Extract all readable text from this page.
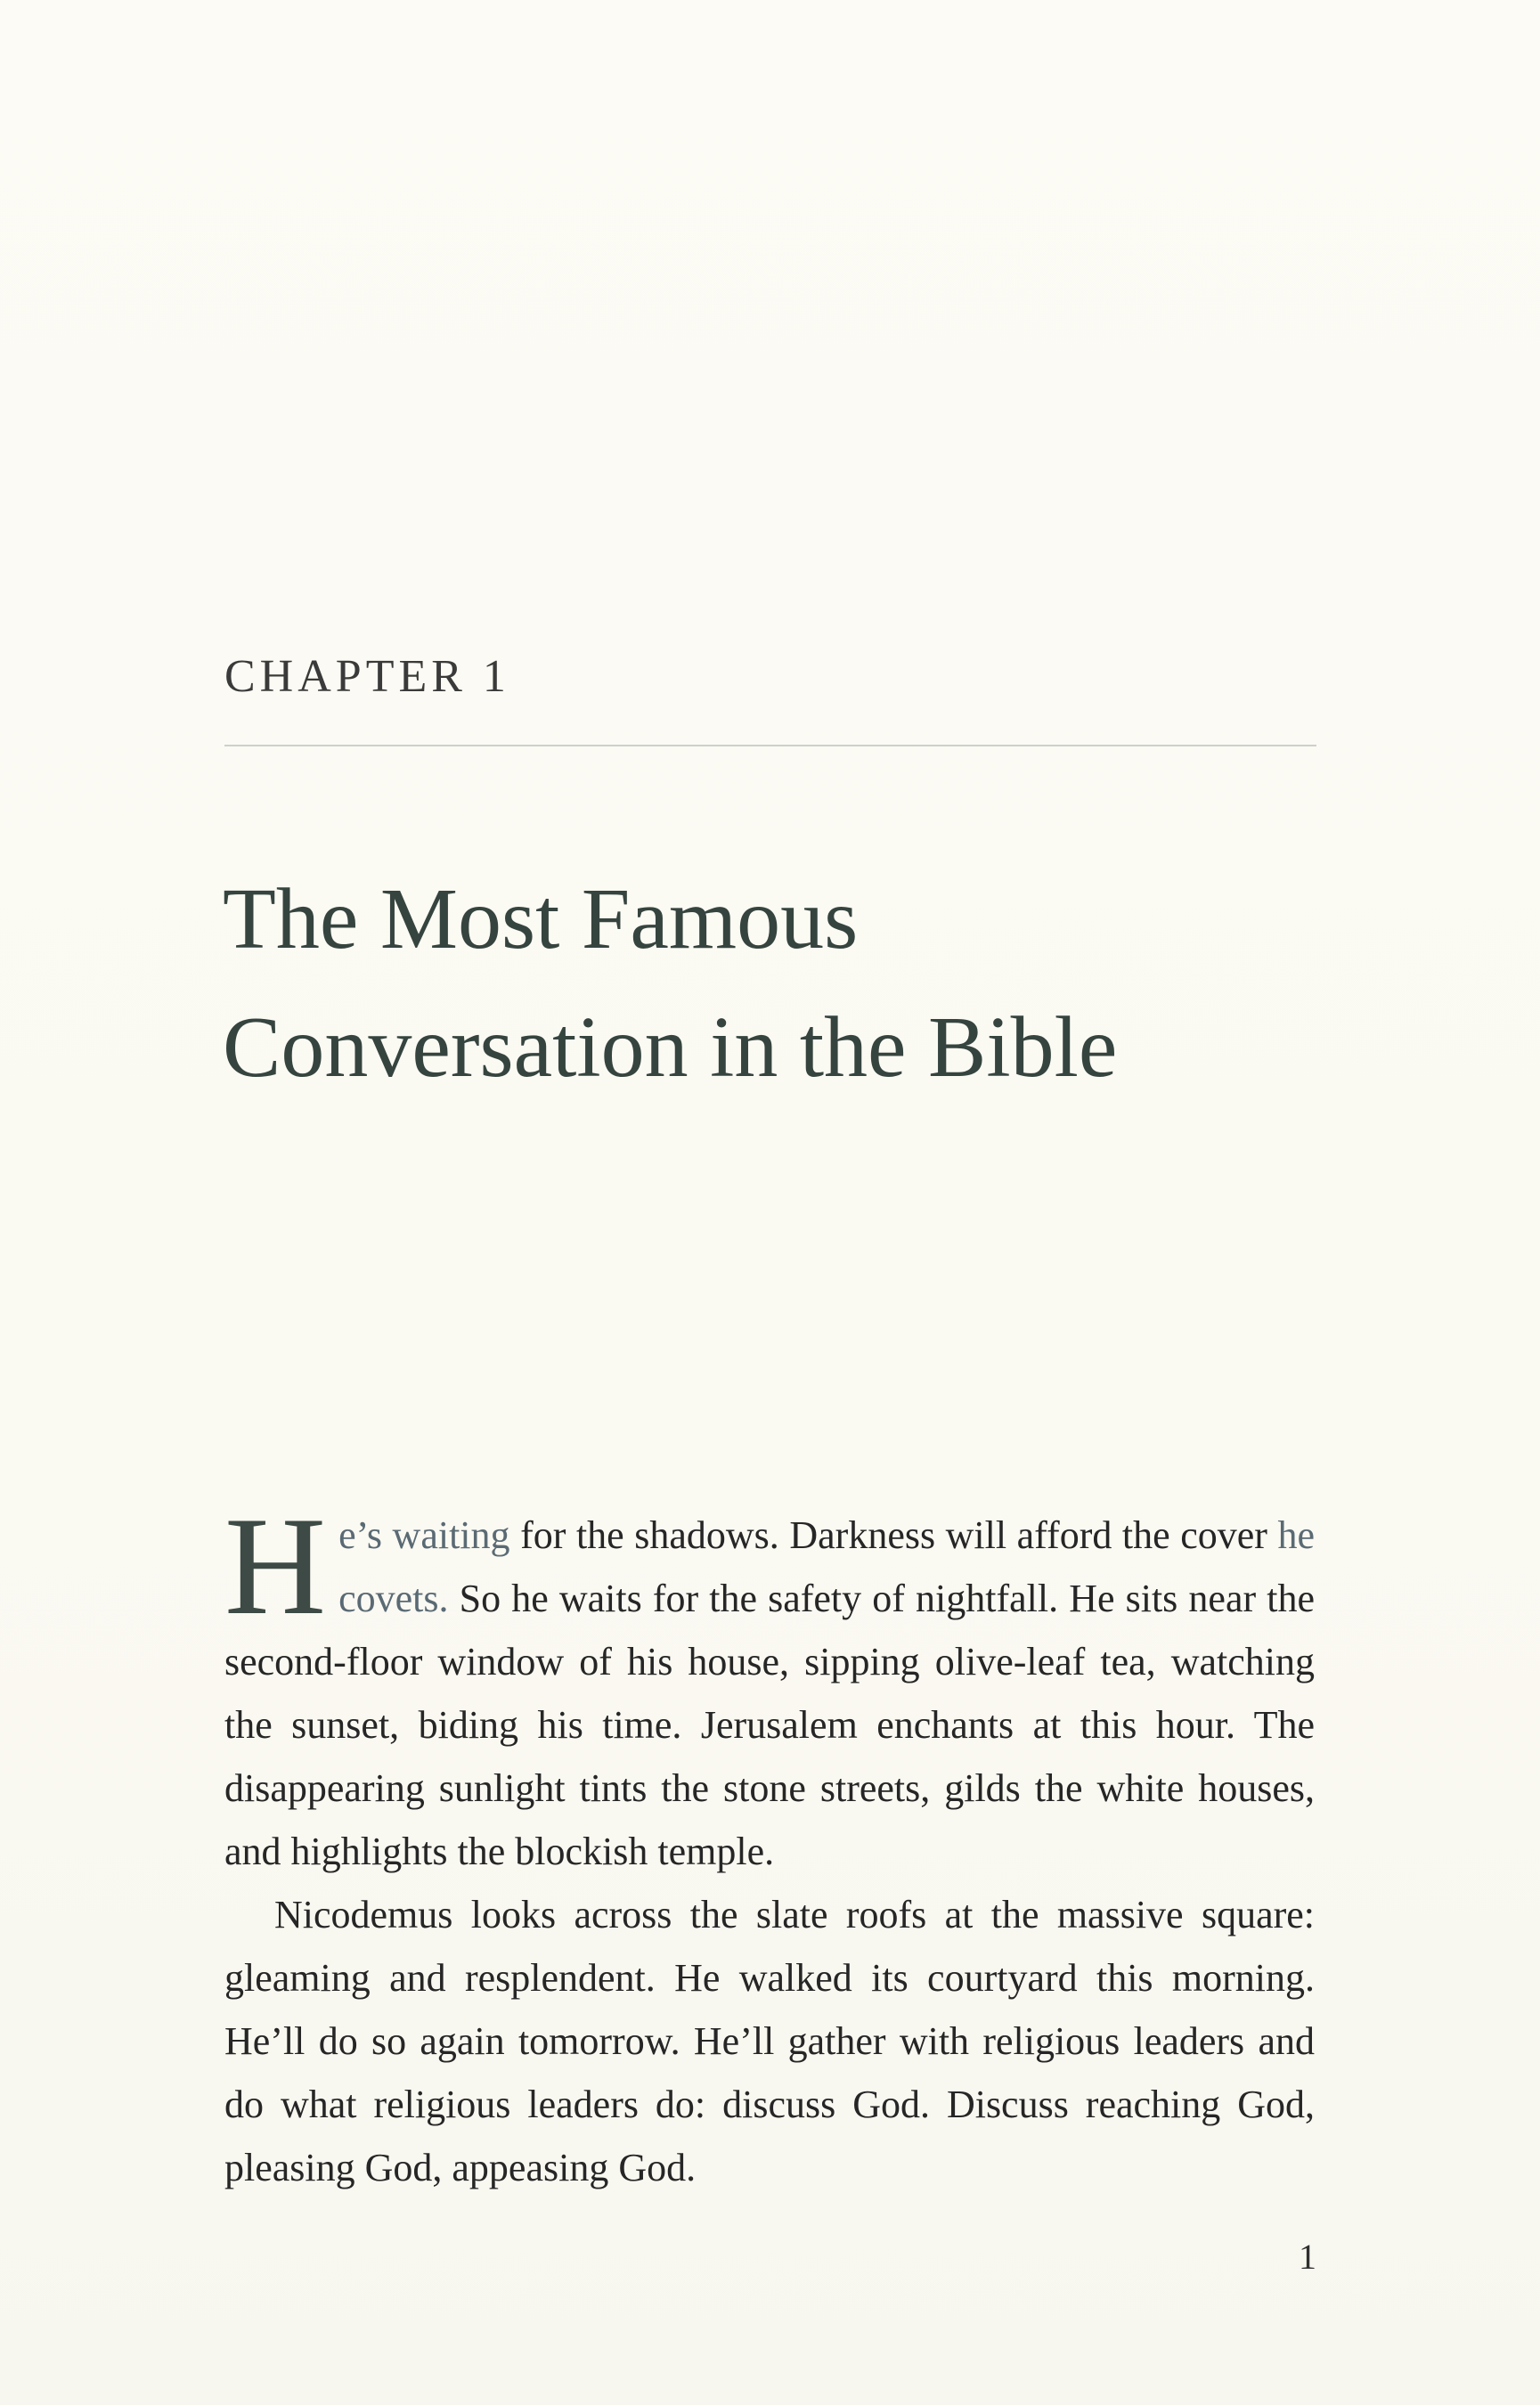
CHAPTER 1
The Most Famous
Conversation in the Bible

He’s waiting for the shadows. Darkness will afford the cover he covets. So he waits for the safety of nightfall. He sits near the second-floor window of his house, sipping olive-leaf tea, watching the sunset, biding his time. Jerusalem enchants at this hour. The disappearing sunlight tints the stone streets, gilds the white houses, and highlights the blockish temple.

Nicodemus looks across the slate roofs at the massive square: gleaming and resplendent. He walked its courtyard this morning. He’ll do so again tomorrow. He’ll gather with religious leaders and do what religious leaders do: discuss God. Discuss reaching God, pleasing God, appeasing God.

1
